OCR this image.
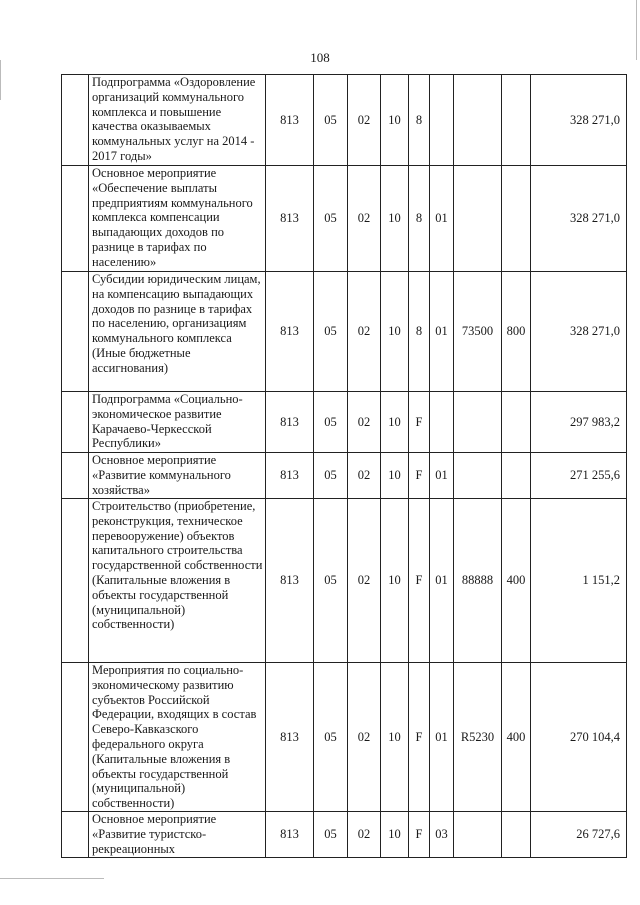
108
	Подпрограмма «Оздоровление организаций коммунального комплекса и повышение качества оказываемых коммунальных услуг на 2014 - 2017 годы»	813	05	02	10	8				328 271,0
	Основное мероприятие «Обеспечение выплаты предприятиям коммунального комплекса компенсации выпадающих доходов по разнице в тарифах по населению»	813	05	02	10	8	01			328 271,0
	Субсидии юридическим лицам, на компенсацию выпадающих доходов по разнице в тарифах по населению, организациям коммунального комплекса (Иные бюджетные ассигнования)	813	05	02	10	8	01	73500	800	328 271,0
	Подпрограмма «Социально-экономическое развитие Карачаево-Черкесской Республики»	813	05	02	10	F				297 983,2
	Основное мероприятие «Развитие коммунального хозяйства»	813	05	02	10	F	01			271 255,6
	Строительство (приобретение, реконструкция, техническое перевооружение) объектов капитального строительства государственной собственности (Капитальные вложения в объекты государственной (муниципальной) собственности)	813	05	02	10	F	01	88888	400	1 151,2
	Мероприятия по социально-экономическому развитию субъектов Российской Федерации, входящих в состав Северо-Кавказского федерального округа (Капитальные вложения в объекты государственной (муниципальной) собственности)	813	05	02	10	F	01	R5230	400	270 104,4
	Основное мероприятие «Развитие туристско-рекреационных	813	05	02	10	F	03			26 727,6
